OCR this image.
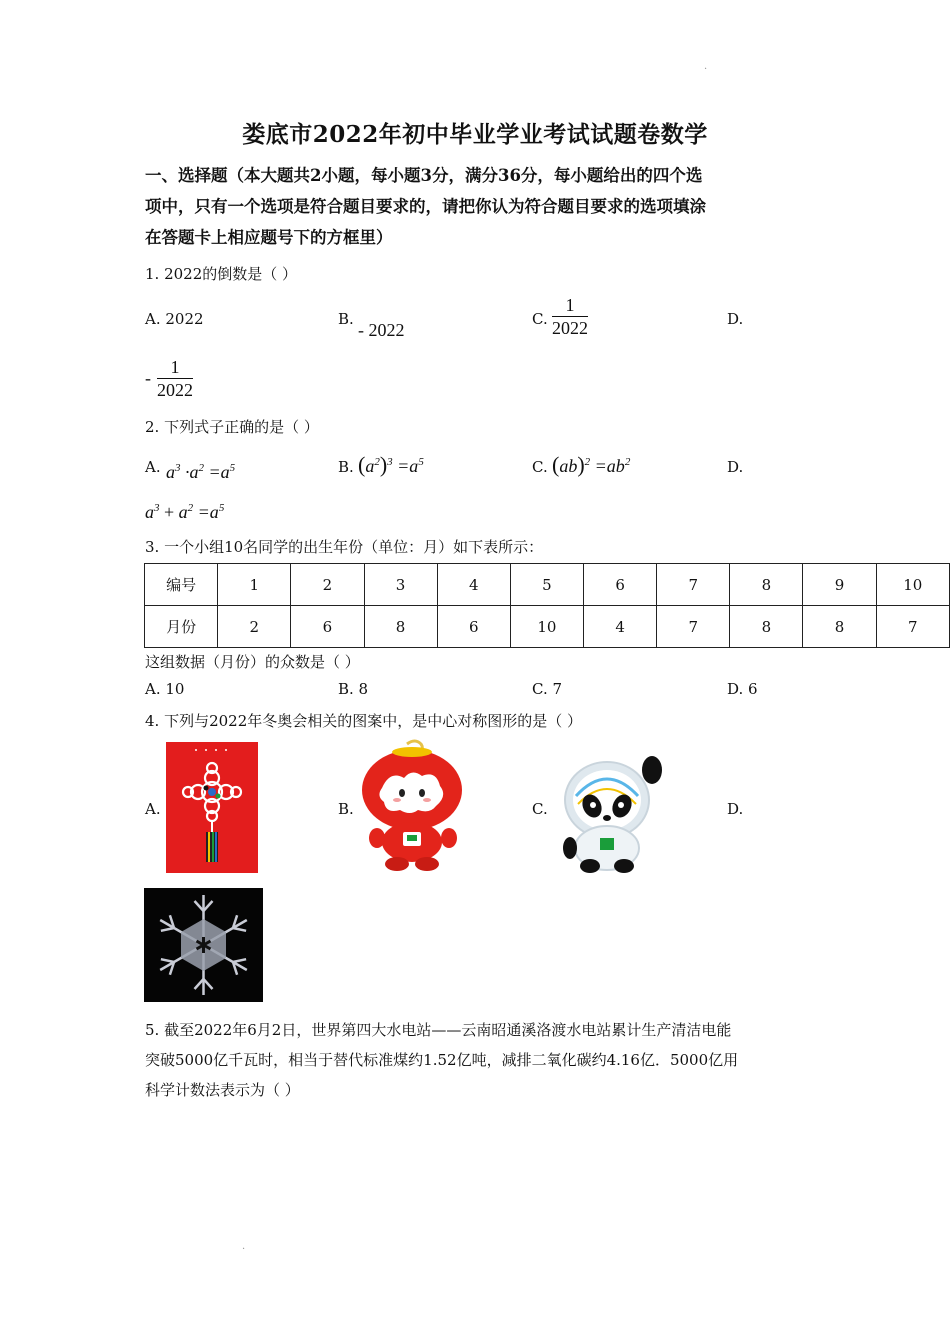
·
娄底市2022年初中毕业学业考试试题卷数学
一、选择题（本大题共2小题，每小题3分，满分36分，每小题给出的四个选
项中，只有一个选项是符合题目要求的，请把你认为符合题目要求的选项填涂
在答题卡上相应题号下的方框里）
1. 2022的倒数是（ ）
A. 2022	B.
- 2022
C. $\frac{1}{2022}$	D.
- $\frac{1}{2022}$
2. 下列式子正确的是（ ）
A. $a^3 \cdot a^2 =a^5$	B. $(a^2)^3 =a^5$	C. $(ab)^2 =ab^2$	D.
$a^3 + a^2 =a^5$
3. 一个小组10名同学的出生年份（单位：月）如下表所示：
编号	1	2	3	4	5	6	7	8	9	10
月份	2	6	8	6	10	4	7	8	8	7
这组数据（月份）的众数是（ ）
A. 10	B. 8	C. 7	D. 6
4. 下列与2022年冬奥会相关的图案中，是中心对称图形的是（ ）
A.	B.	C.	D.
5. 截至2022年6月2日，世界第四大水电站——云南昭通溪洛渡水电站累计生产清洁电能
突破5000亿千瓦时，相当于替代标准煤约1.52亿吨，减排二氧化碳约4.16亿．5000亿用
科学计数法表示为（ ）
·
